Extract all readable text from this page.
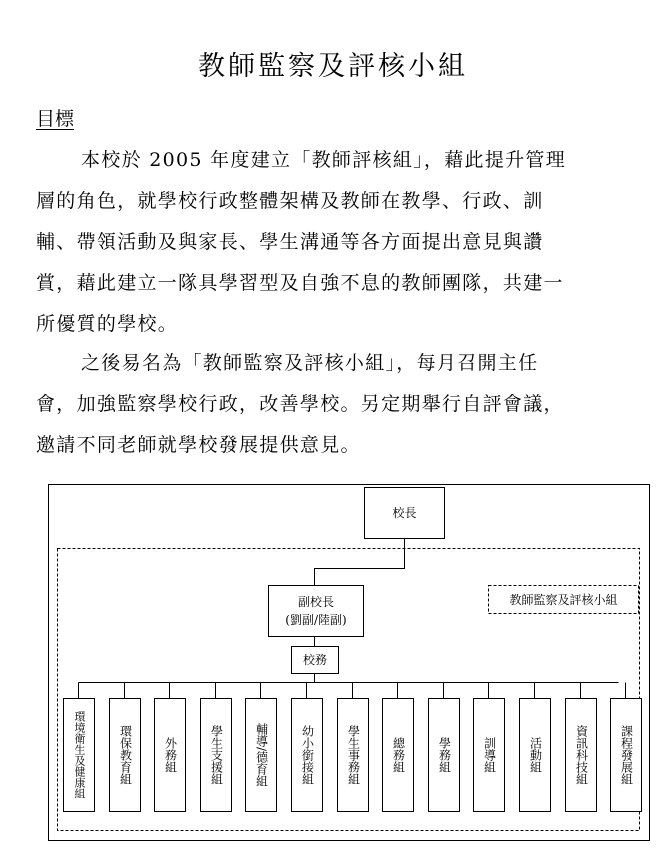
教師監察及評核小組
目標
本校於 2005 年度建立「教師評核組」，藉此提升管理
層的角色，就學校行政整體架構及教師在教學、行政、訓
輔、帶領活動及與家長、學生溝通等各方面提出意見與讚
賞，藉此建立一隊具學習型及自強不息的教師團隊，共建一
所優質的學校。
之後易名為「教師監察及評核小組」，每月召開主任
會，加強監察學校行政，改善學校。另定期舉行自評會議，
邀請不同老師就學校發展提供意見。
校長
教師監察及評核小組
副校長
(劉副/陸副)
校務
環境衛生及健康組	環保教育組	外務組	學生支援組	輔導/德育組	幼小銜接組	學生事務組	總務組	學務組	訓導組	活動組	資訊科技組	課程發展組
